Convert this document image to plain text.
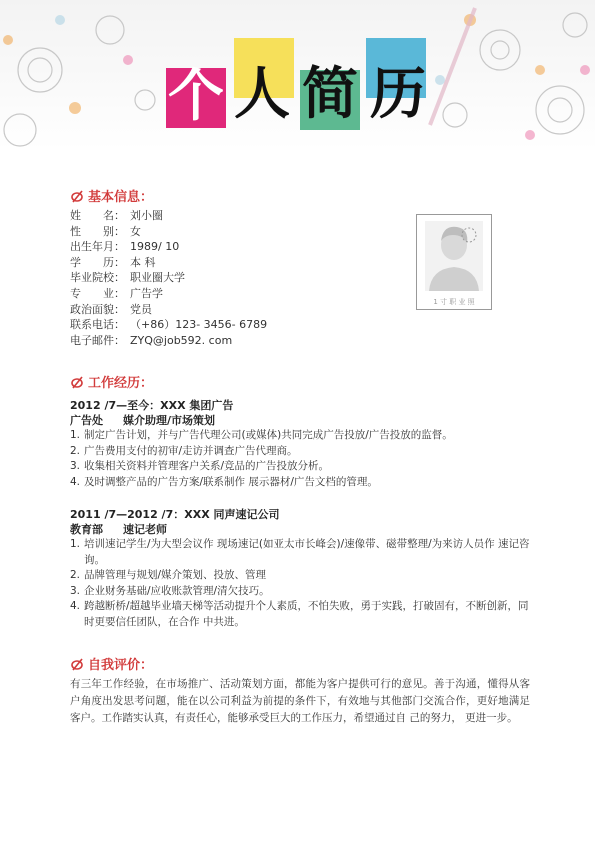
个 人 简 历
基本信息：
姓　　名： 刘小圈
性　　别： 女
出生年月： 1989/ 10
学　　历： 本 科
毕业院校： 职业圈大学
专　　业： 广告学
政治面貌： 党员
联系电话： （+86）123- 3456- 6789
电子邮件： ZYQ@job592. com
1 寸 职 业 照
工作经历：
2012 /7—至今：XXX 集团广告
广告处 媒介助理/市场策划
1. 制定广告计划，并与广告代理公司(或媒体)共同完成广告投放/广告投放的监督。
2. 广告费用支付的初审/走访并调查广告代理商。
3. 收集相关资料并管理客户关系/竞品的广告投放分析。
4. 及时调整产品的广告方案/联系制作 展示器材/广告文档的管理。
2011 /7—2012 /7：XXX 同声速记公司
教育部 速记老师
1. 培训速记学生/为大型会议作 现场速记(如亚太市长峰会)/速像带、磁带整理/为来访人员作 速记咨询。
2. 品牌管理与规划/媒介策划、投放、管理
3. 企业财务基础/应收账款管理/清欠技巧。
4. 跨越断桥/超越毕业墙天梯等活动提升个人素质，不怕失败，勇于实践，打破固有，不断创新，同时更要信任团队，在合作 中共进。
自我评价：
有三年工作经验，在市场推广、活动策划方面，都能为客户提供可行的意见。善于沟通，懂得从客户角度出发思考问题，能在以公司利益为前提的条件下，有效地与其他部门交流合作，更好地满足客户。工作踏实认真，有责任心，能够承受巨大的工作压力，希望通过自 己的努力， 更进一步。
